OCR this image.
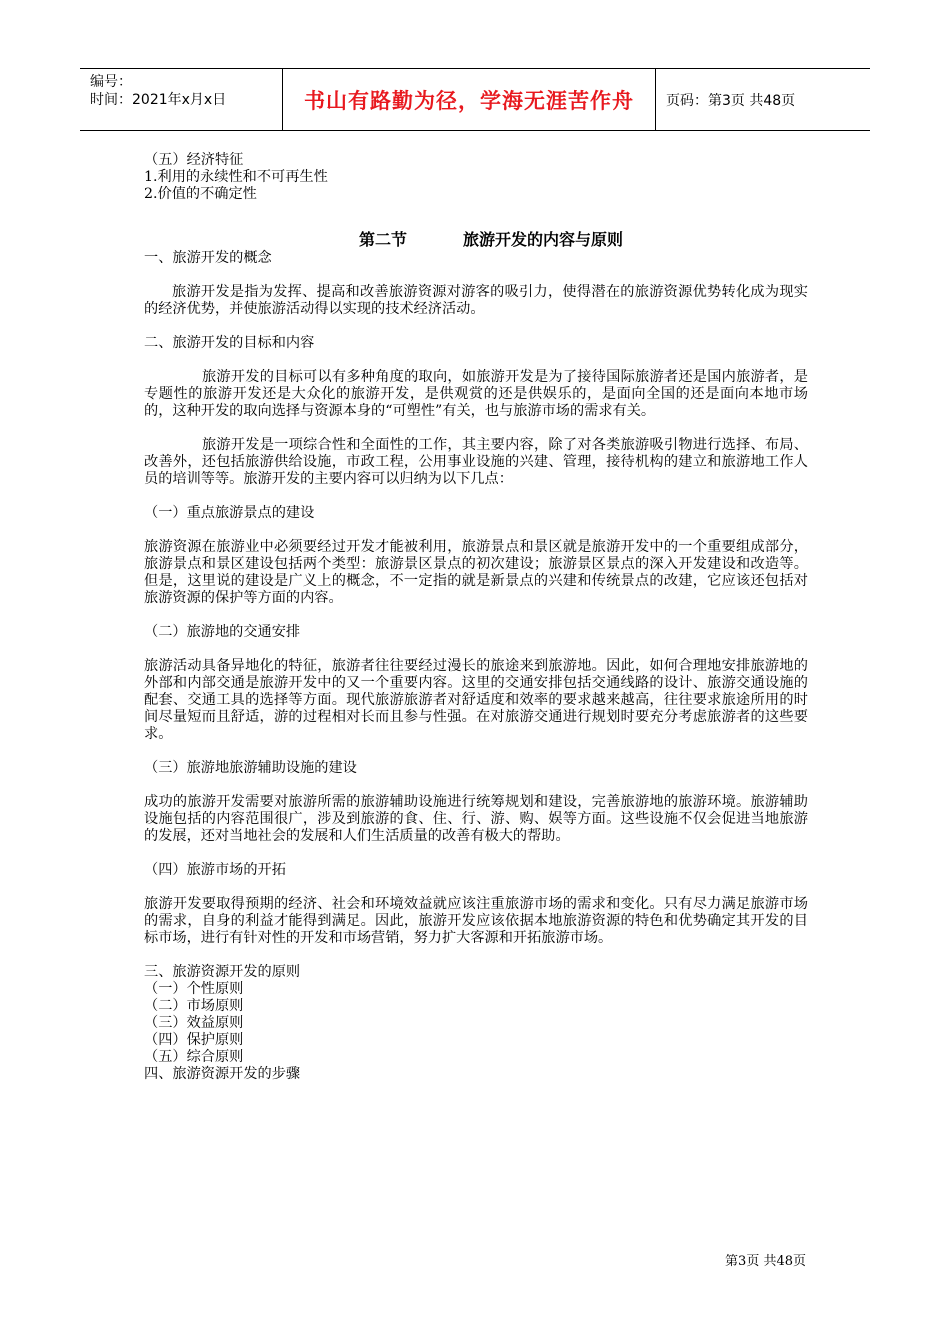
编号：
时间：2021年x月x日	书山有路勤为径，学海无涯苦作舟	页码：第3页 共48页
（五）经济特征
1.利用的永续性和不可再生性
2.价值的不确定性
第二节	旅游开发的内容与原则
一、旅游开发的概念
旅游开发是指为发挥、提高和改善旅游资源对游客的吸引力，使得潜在的旅游资源优势转化成为现实的经济优势，并使旅游活动得以实现的技术经济活动。
二、旅游开发的目标和内容
旅游开发的目标可以有多种角度的取向，如旅游开发是为了接待国际旅游者还是国内旅游者，是专题性的旅游开发还是大众化的旅游开发，是供观赏的还是供娱乐的，是面向全国的还是面向本地市场的，这种开发的取向选择与资源本身的“可塑性”有关，也与旅游市场的需求有关。
旅游开发是一项综合性和全面性的工作，其主要内容，除了对各类旅游吸引物进行选择、布局、改善外，还包括旅游供给设施，市政工程，公用事业设施的兴建、管理，接待机构的建立和旅游地工作人员的培训等等。旅游开发的主要内容可以归纳为以下几点：
（一）重点旅游景点的建设
旅游资源在旅游业中必须要经过开发才能被利用，旅游景点和景区就是旅游开发中的一个重要组成部分，旅游景点和景区建设包括两个类型：旅游景区景点的初次建设；旅游景区景点的深入开发建设和改造等。但是，这里说的建设是广义上的概念，不一定指的就是新景点的兴建和传统景点的改建，它应该还包括对旅游资源的保护等方面的内容。
（二）旅游地的交通安排
旅游活动具备异地化的特征，旅游者往往要经过漫长的旅途来到旅游地。因此，如何合理地安排旅游地的外部和内部交通是旅游开发中的又一个重要内容。这里的交通安排包括交通线路的设计、旅游交通设施的配套、交通工具的选择等方面。现代旅游旅游者对舒适度和效率的要求越来越高，往往要求旅途所用的时间尽量短而且舒适，游的过程相对长而且参与性强。在对旅游交通进行规划时要充分考虑旅游者的这些要求。
（三）旅游地旅游辅助设施的建设
成功的旅游开发需要对旅游所需的旅游辅助设施进行统筹规划和建设，完善旅游地的旅游环境。旅游辅助设施包括的内容范围很广，涉及到旅游的食、住、行、游、购、娱等方面。这些设施不仅会促进当地旅游的发展，还对当地社会的发展和人们生活质量的改善有极大的帮助。
（四）旅游市场的开拓
旅游开发要取得预期的经济、社会和环境效益就应该注重旅游市场的需求和变化。只有尽力满足旅游市场的需求，自身的利益才能得到满足。因此，旅游开发应该依据本地旅游资源的特色和优势确定其开发的目标市场，进行有针对性的开发和市场营销，努力扩大客源和开拓旅游市场。
三、旅游资源开发的原则
（一）个性原则
（二）市场原则
（三）效益原则
（四）保护原则
（五）综合原则
四、旅游资源开发的步骤
第3页 共48页
